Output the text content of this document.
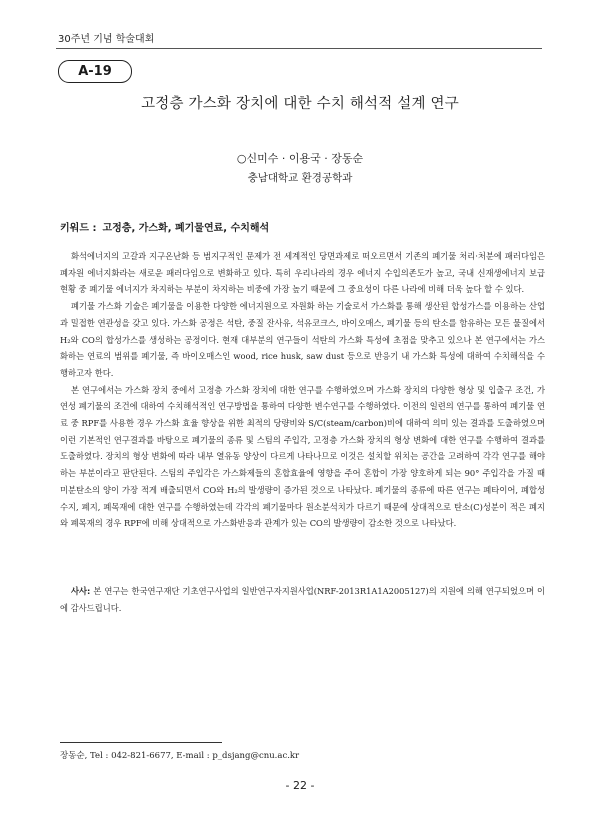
30주년 기념 학술대회
A-19
고정층 가스화 장치에 대한 수치 해석적 설계 연구
○신미수 · 이용국 · 장동순
충남대학교 환경공학과
키워드 : 고정층, 가스화, 폐기물연료, 수치해석

화석에너지의 고갈과 지구온난화 등 범지구적인 문제가 전 세계적인 당면과제로 떠오르면서 기존의 폐기물 처리·처분에 패러다임은 폐자원 에너지화라는 새로운 패러다임으로 변화하고 있다. 특히 우리나라의 경우 에너지 수입의존도가 높고, 국내 신재생에너지 보급 현황 중 폐기물 에너지가 차지하는 부분이 차지하는 비중에 가장 높기 때문에 그 중요성이 다른 나라에 비해 더욱 높다 할 수 있다.

폐기물 가스화 기술은 폐기물을 이용한 다양한 에너지원으로 자원화 하는 기술로서 가스화를 통해 생산된 합성가스를 이용하는 산업과 밀접한 연관성을 갖고 있다. 가스화 공정은 석탄, 중질 잔사유, 석유코크스, 바이오매스, 폐기물 등의 탄소를 함유하는 모든 물질에서 H₂와 CO의 합성가스를 생성하는 공정이다. 현재 대부분의 연구들이 석탄의 가스화 특성에 초점을 맞추고 있으나 본 연구에서는 가스화하는 연료의 범위를 폐기물, 즉 바이오매스인 wood, rice husk, saw dust 등으로 반응기 내 가스화 특성에 대하여 수치해석을 수행하고자 한다.

본 연구에서는 가스화 장치 중에서 고정층 가스화 장치에 대한 연구를 수행하였으며 가스화 장치의 다양한 형상 및 입출구 조건, 가연성 폐기물의 조건에 대하여 수치해석적인 연구방법을 통하여 다양한 변수연구를 수행하였다. 이전의 일련의 연구를 통하여 폐기물 연료 중 RPF를 사용한 경우 가스화 효율 향상을 위한 최적의 당량비와 S/C(steam/carbon)비에 대하여 의미 있는 결과를 도출하였으며 이런 기본적인 연구결과를 바탕으로 폐기물의 종류 및 스팀의 주입각, 고정층 가스화 장치의 형상 변화에 대한 연구를 수행하여 결과를 도출하였다. 장치의 형상 변화에 따라 내부 열유동 양상이 다르게 나타나므로 이것은 설치할 위치는 공간을 고려하여 각각 연구를 해야 하는 부분이라고 판단된다. 스팀의 주입각은 가스화제들의 혼합효율에 영향을 주어 혼합이 가장 양호하게 되는 90° 주입각을 가질 때 미분탄소의 양이 가장 적게 배출되면서 CO와 H₂의 발생량이 증가된 것으로 나타났다. 폐기물의 종류에 따른 연구는 폐타이어, 폐합성수지, 폐지, 폐목재에 대한 연구를 수행하였는데 각각의 폐기물마다 원소분석치가 다르기 때문에 상대적으로 탄소(C)성분이 적은 폐지와 폐목재의 경우 RPF에 비해 상대적으로 가스화반응과 관계가 있는 CO의 발생량이 감소한 것으로 나타났다.

사사: 본 연구는 한국연구재단 기초연구사업의 일반연구자지원사업(NRF-2013R1A1A2005127)의 지원에 의해 연구되었으며 이에 감사드립니다.

장동순, Tel : 042-821-6677, E-mail : p_dsjang@cnu.ac.kr
- 22 -
